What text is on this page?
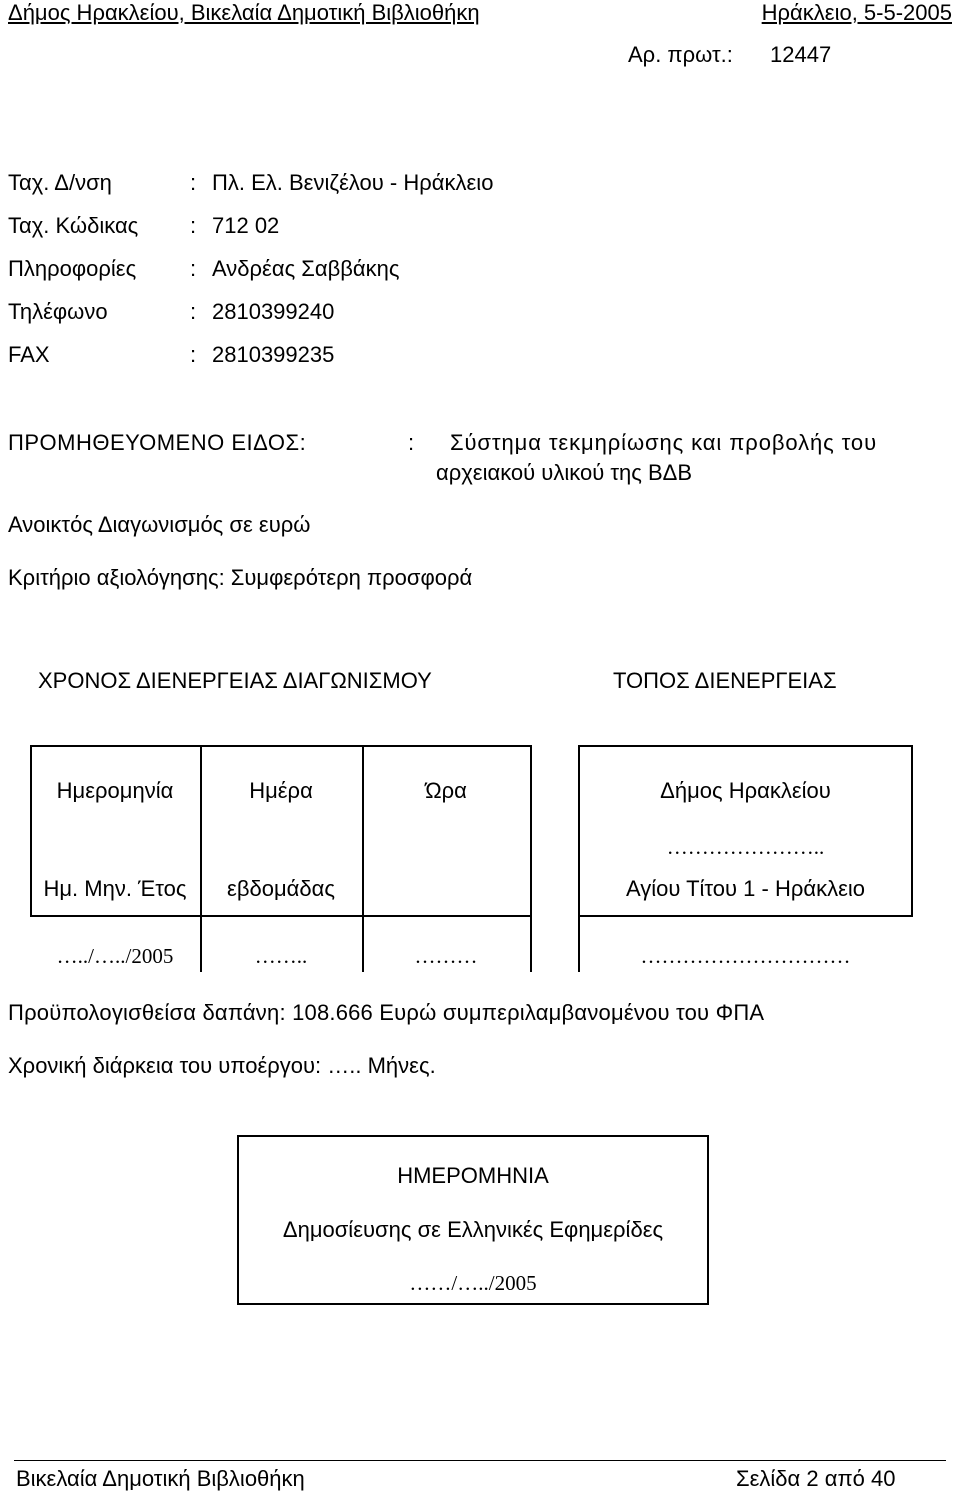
Δήμος Ηρακλείου, Βικελαία Δημοτική Βιβλιοθήκη	Ηράκλειο, 5-5-2005
Αρ. πρωτ.: 12447
Ταχ. Δ/νση	: Πλ. Ελ. Βενιζέλου - Ηράκλειο
Ταχ. Κώδικας : 712 02
Πληροφορίες : Ανδρέας Σαββάκης
Τηλέφωνο	: 2810399240
FAX	: 2810399235
ΠΡΟΜΗΘΕΥΟΜΕΝΟ ΕΙΔΟΣ:	: Σύστημα τεκμηρίωσης και προβολής του
αρχειακού υλικού της ΒΔΒ
Ανοικτός Διαγωνισμός σε ευρώ
Κριτήριο αξιολόγησης: Συμφερότερη προσφορά
ΧΡΟΝΟΣ ΔΙΕΝΕΡΓΕΙΑΣ ΔΙΑΓΩΝΙΣΜΟΥ	ΤΟΠΟΣ ΔΙΕΝΕΡΓΕΙΑΣ
Ημερομηνία	Ημέρα	Ώρα
Ημ. Μην. Έτος	εβδομάδας
…../…../2005	……..	………
Δήμος Ηρακλείου
…………………..
Αγίου Τίτου 1 - Ηράκλειο
…………………………
Προϋπολογισθείσα δαπάνη: 108.666 Ευρώ συμπεριλαμβανομένου του ΦΠΑ
Χρονική διάρκεια του υποέργου: ….. Μήνες.
ΗΜΕΡΟΜΗΝΙΑ
Δημοσίευσης σε Ελληνικές Εφημερίδες
……/…../2005
Βικελαία Δημοτική Βιβλιοθήκη	Σελίδα 2 από 40
